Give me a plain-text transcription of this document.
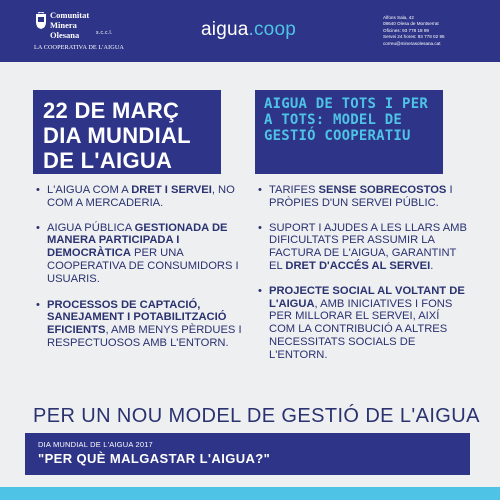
Comunitat
Minera
Olesana	s.c.c.l.
LA COOPERATIVA DE L'AIGUA
aigua.coop
Alfons Sala, 42
08640 Olesa de Montserrat
Oficines: 93 778 18 99
Servei 24 hores: 93 778 02 95
correu@minerasolesana.cat
22 DE MARÇ
DIA MUNDIAL
DE L'AIGUA
AIGUA DE TOTS I PER
A TOTS: MODEL DE
GESTIÓ COOPERATIU
• L'AIGUA COM A DRET I SERVEI, NO COM A MERCADERIA.
• AIGUA PÚBLICA GESTIONADA DE MANERA PARTICIPADA I DEMOCRÀTICA PER UNA COOPERATIVA DE CONSUMIDORS I USUARIS.
• PROCESSOS DE CAPTACIÓ, SANEJAMENT I POTABILITZACIÓ EFICIENTS, AMB MENYS PÈRDUES I RESPECTUOSOS AMB L'ENTORN.
• TARIFES SENSE SOBRECOSTOS I PRÒPIES D'UN SERVEI PÚBLIC.
• SUPORT I AJUDES A LES LLARS AMB DIFICULTATS PER ASSUMIR LA FACTURA DE L'AIGUA, GARANTINT EL DRET D'ACCÉS AL SERVEI.
• PROJECTE SOCIAL AL VOLTANT DE L'AIGUA, AMB INICIATIVES I FONS PER MILLORAR EL SERVEI, AIXÍ COM LA CONTRIBUCIÓ A ALTRES NECESSITATS SOCIALS DE L'ENTORN.
PER UN NOU MODEL DE GESTIÓ DE L'AIGUA
DIA MUNDIAL DE L'AIGUA 2017
"PER QUÈ MALGASTAR L'AIGUA?"
